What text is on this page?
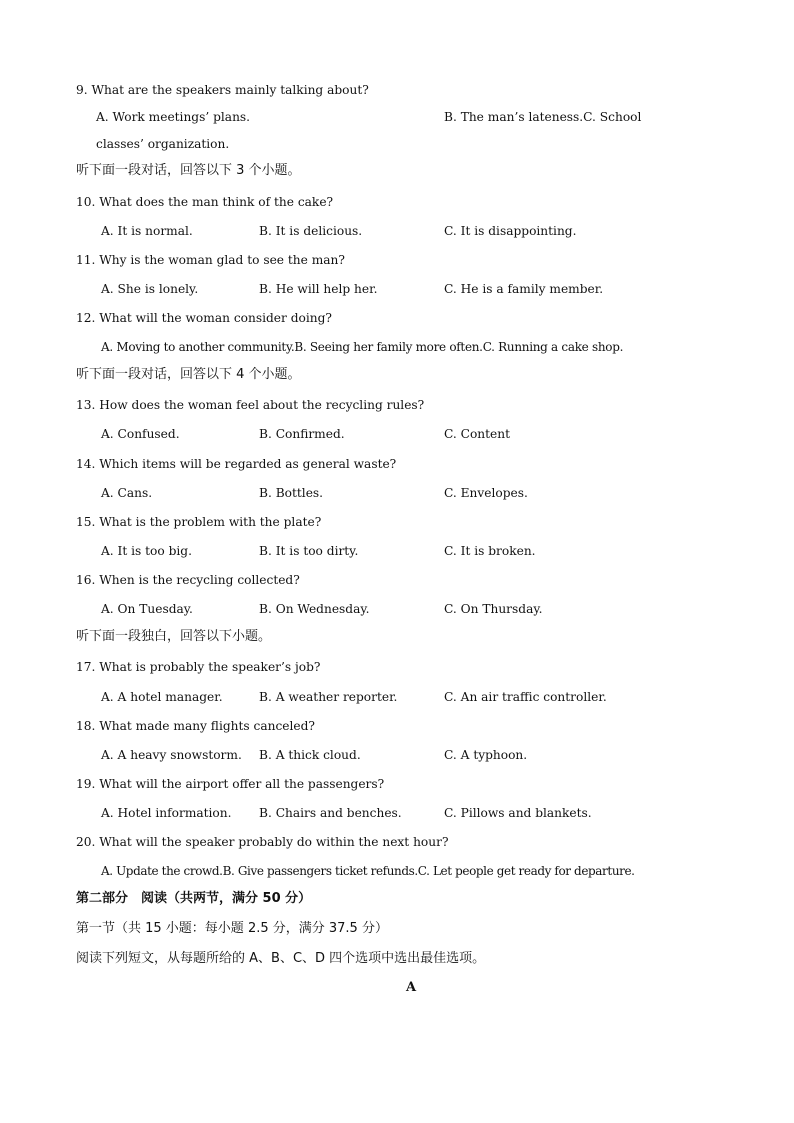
9. What are the speakers mainly talking about?
A. Work meetings’ plans.	B. The man’s lateness.C. School
classes’ organization.
听下面一段对话，回答以下 3 个小题。
10. What does the man think of the cake?
A. It is normal.	B. It is delicious.	C. It is disappointing.
11. Why is the woman glad to see the man?
A. She is lonely.	B. He will help her.	C. He is a family member.
12. What will the woman consider doing?
A. Moving to another community.B. Seeing her family more often.C. Running a cake shop.
听下面一段对话，回答以下 4 个小题。
13. How does the woman feel about the recycling rules?
A. Confused.	B. Confirmed.	C. Content
14. Which items will be regarded as general waste?
A. Cans.	B. Bottles.	C. Envelopes.
15. What is the problem with the plate?
A. It is too big.	B. It is too dirty.	C. It is broken.
16. When is the recycling collected?
A. On Tuesday.	B. On Wednesday.	C. On Thursday.
听下面一段独白，回答以下小题。
17. What is probably the speaker’s job?
A. A hotel manager.	B. A weather reporter.	C. An air traffic controller.
18. What made many flights canceled?
A. A heavy snowstorm. B. A thick cloud.	C. A typhoon.
19. What will the airport offer all the passengers?
A. Hotel information. B. Chairs and benches.	C. Pillows and blankets.
20. What will the speaker probably do within the next hour?
A. Update the crowd.B. Give passengers ticket refunds.C. Let people get ready for departure.
第二部分　阅读（共两节，满分 50 分）
第一节（共 15 小题：每小题 2.5 分，满分 37.5 分）
阅读下列短文，从每题所给的 A、B、C、D 四个选项中选出最佳选项。
A
